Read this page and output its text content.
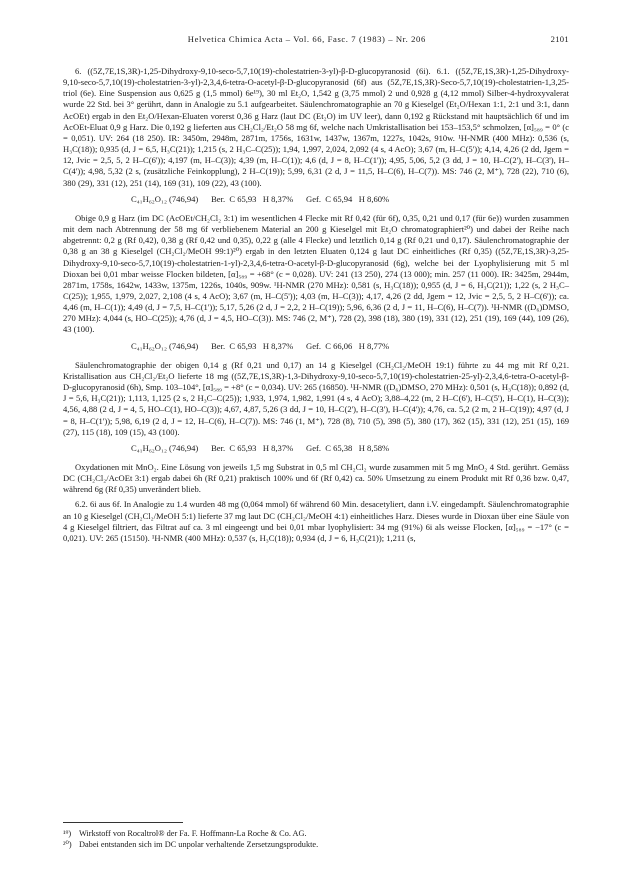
Helvetica Chimica Acta – Vol. 66, Fasc. 7 (1983) – Nr. 206	2101

6. ((5Z,7E,1S,3R)-1,25-Dihydroxy-9,10-seco-5,7,10(19)-cholestatrien-3-yl)-β-D-glucopyranosid (6i). 6.1. ((5Z,7E,1S,3R)-1,25-Dihydroxy-9,10-seco-5,7,10(19)-cholestatrien-3-yl)-2,3,4,6-tetra-O-acetyl-β-D-glucopyranosid (6f) aus (5Z,7E,1S,3R)-Seco-5,7,10(19)-cholestatrien-1,3,25-triol (6e). Eine Suspension aus 0,625 g (1,5 mmol) 6e¹⁹), 30 ml Et₂O, 1,542 g (3,75 mmol) 2 und 0,928 g (4,12 mmol) Silber-4-hydroxyvalerat wurde 22 Std. bei 3° gerührt, dann in Analogie zu 5.1 aufgearbeitet. Säulenchromatographie an 70 g Kieselgel (Et₂O/Hexan 1:1, 2:1 und 3:1, dann AcOEt) ergab in den Et₂O/Hexan-Eluaten vorerst 0,36 g Harz (laut DC (Et₂O) im UV leer), dann 0,192 g Rückstand mit hauptsächlich 6f und im AcOEt-Eluat 0,9 g Harz. Die 0,192 g lieferten aus CH₂Cl₂/Et₂O 58 mg 6f, welche nach Umkristallisation bei 153–153,5° schmolzen, [α]₅₈₉ = 0° (c = 0,051). UV: 264 (18 250). IR: 3450m, 2948m, 2871m, 1756s, 1631w, 1437w, 1367m, 1227s, 1042s, 910w. ¹H-NMR (400 MHz): 0,536 (s, H₃C(18)); 0,935 (d, J = 6,5, H₃C(21)); 1,215 (s, 2 H₃C–C(25)); 1,94, 1,997, 2,024, 2,092 (4 s, 4 AcO); 3,67 (m, H–C(5')); 4,14, 4,26 (2 dd, Jgem = 12, Jvic = 2,5, 5, 2 H–C(6')); 4,197 (m, H–C(3)); 4,39 (m, H–C(1)); 4,6 (d, J = 8, H–C(1')); 4,95, 5,06, 5,2 (3 dd, J = 10, H–C(2'), H–C(3'), H–C(4')); 4,98, 5,32 (2 s, (zusätzliche Feinkopplung), 2 H–C(19)); 5,99, 6,31 (2 d, J = 11,5, H–C(6), H–C(7)). MS: 746 (2, M⁺), 728 (22), 710 (6), 380 (29), 331 (12), 251 (14), 169 (31), 109 (22), 43 (100).

C₄₁H₆₂O₁₂ (746,94)      Ber.  C 65,93   H 8,37%      Gef.  C 65,94   H 8,60%

Obige 0,9 g Harz (im DC (AcOEt/CH₂Cl₂ 3:1) im wesentlichen 4 Flecke mit Rf 0,42 (für 6f), 0,35, 0,21 und 0,17 (für 6e)) wurden zusammen mit dem nach Abtrennung der 58 mg 6f verbliebenem Material an 200 g Kieselgel mit Et₂O chromatographiert²⁰) und dabei der Reihe nach abgetrennt: 0,2 g (Rf 0,42), 0,38 g (Rf 0,42 und 0,35), 0,22 g (alle 4 Flecke) und letztlich 0,14 g (Rf 0,21 und 0,17). Säulenchromatographie der 0,38 g an 38 g Kieselgel (CH₂Cl₂/MeOH 99:1)²⁰) ergab in den letzten Eluaten 0,124 g laut DC einheitliches (Rf 0,35) ((5Z,7E,1S,3R)-3,25-Dihydroxy-9,10-seco-5,7,10(19)-cholestatrien-1-yl)-2,3,4,6-tetra-O-acetyl-β-D-glucopyranosid (6g), welche bei der Lyophylisierung mit 5 ml Dioxan bei 0,01 mbar weisse Flocken bildeten, [α]₅₈₉ = +68° (c = 0,028). UV: 241 (13 250), 274 (13 000); min. 257 (11 000). IR: 3425m, 2944m, 2871m, 1758s, 1642w, 1433w, 1375m, 1226s, 1040s, 909w. ¹H-NMR (270 MHz): 0,581 (s, H₃C(18)); 0,955 (d, J = 6, H₃C(21)); 1,22 (s, 2 H₃C–C(25)); 1,955, 1,979, 2,027, 2,108 (4 s, 4 AcO); 3,67 (m, H–C(5')); 4,03 (m, H–C(3)); 4,17, 4,26 (2 dd, Jgem = 12, Jvic = 2,5, 5, 2 H–C(6')); ca. 4,46 (m, H–C(1)); 4,49 (d, J = 7,5, H–C(1')); 5,17, 5,26 (2 d, J = 2,2, 2 H–C(19)); 5,96, 6,36 (2 d, J = 11, H–C(6), H–C(7)). ¹H-NMR ((D₆)DMSO, 270 MHz): 4,044 (s, HO–C(25)); 4,76 (d, J = 4,5, HO–C(3)). MS: 746 (2, M⁺), 728 (2), 398 (18), 380 (19), 331 (12), 251 (19), 169 (44), 109 (26), 43 (100).

C₄₁H₆₂O₁₂ (746,94)      Ber.  C 65,93   H 8,37%      Gef.  C 66,06   H 8,77%

Säulenchromatographie der obigen 0,14 g (Rf 0,21 und 0,17) an 14 g Kieselgel (CH₂Cl₂/MeOH 19:1) führte zu 44 mg mit Rf 0,21. Kristallisation aus CH₂Cl₂/Et₂O lieferte 18 mg ((5Z,7E,1S,3R)-1,3-Dihydroxy-9,10-seco-5,7,10(19)-cholestatrien-25-yl)-2,3,4,6-tetra-O-acetyl-β-D-glucopyranosid (6h), Smp. 103–104°, [α]₅₈₉ = +8° (c = 0,034). UV: 265 (16850). ¹H-NMR ((D₆)DMSO, 270 MHz): 0,501 (s, H₃C(18)); 0,892 (d, J = 5,6, H₃C(21)); 1,113, 1,125 (2 s, 2 H₃C–C(25)); 1,933, 1,974, 1,982, 1,991 (4 s, 4 AcO); 3,88–4,22 (m, 2 H–C(6'), H–C(5'), H–C(1), H–C(3)); 4,56, 4,88 (2 d, J = 4, 5, HO–C(1), HO–C(3)); 4,67, 4,87, 5,26 (3 dd, J = 10, H–C(2'), H–C(3'), H–C(4')); 4,76, ca. 5,2 (2 m, 2 H–C(19)); 4,97 (d, J = 8, H–C(1')); 5,98, 6,19 (2 d, J = 12, H–C(6), H–C(7)). MS: 746 (1, M⁺), 728 (8), 710 (5), 398 (5), 380 (17), 362 (15), 331 (12), 251 (15), 169 (27), 115 (18), 109 (15), 43 (100).

C₄₁H₆₂O₁₂ (746,94)      Ber.  C 65,93   H 8,37%      Gef.  C 65,38   H 8,58%

Oxydationen mit MnO₂. Eine Lösung von jeweils 1,5 mg Substrat in 0,5 ml CH₂Cl₂ wurde zusammen mit 5 mg MnO₂ 4 Std. gerührt. Gemäss DC (CH₂Cl₂/AcOEt 3:1) ergab dabei 6h (Rf 0,21) praktisch 100% und 6f (Rf 0,42) ca. 50% Umsetzung zu einem Produkt mit Rf 0,36 bzw. 0,47, während 6g (Rf 0,35) unverändert blieb.

6.2. 6i aus 6f. In Analogie zu 1.4 wurden 48 mg (0,064 mmol) 6f während 60 Min. desacetyliert, dann i.V. eingedampft. Säulenchromatographie an 10 g Kieselgel (CH₂Cl₂/MeOH 5:1) lieferte 37 mg laut DC (CH₂Cl₂/MeOH 4:1) einheitliches Harz. Dieses wurde in Dioxan über eine Säule von 4 g Kieselgel filtriert, das Filtrat auf ca. 3 ml eingeengt und bei 0,01 mbar lyophylisiert: 34 mg (91%) 6i als weisse Flocken, [α]₅₈₉ = −17° (c = 0,021). UV: 265 (15150). ¹H-NMR (400 MHz): 0,537 (s, H₃C(18)); 0,934 (d, J = 6, H₃C(21)); 1,211 (s,

¹⁹) Wirkstoff von Rocaltrol® der Fa. F. Hoffmann-La Roche & Co. AG.
²⁰) Dabei entstanden sich im DC unpolar verhaltende Zersetzungsprodukte.
